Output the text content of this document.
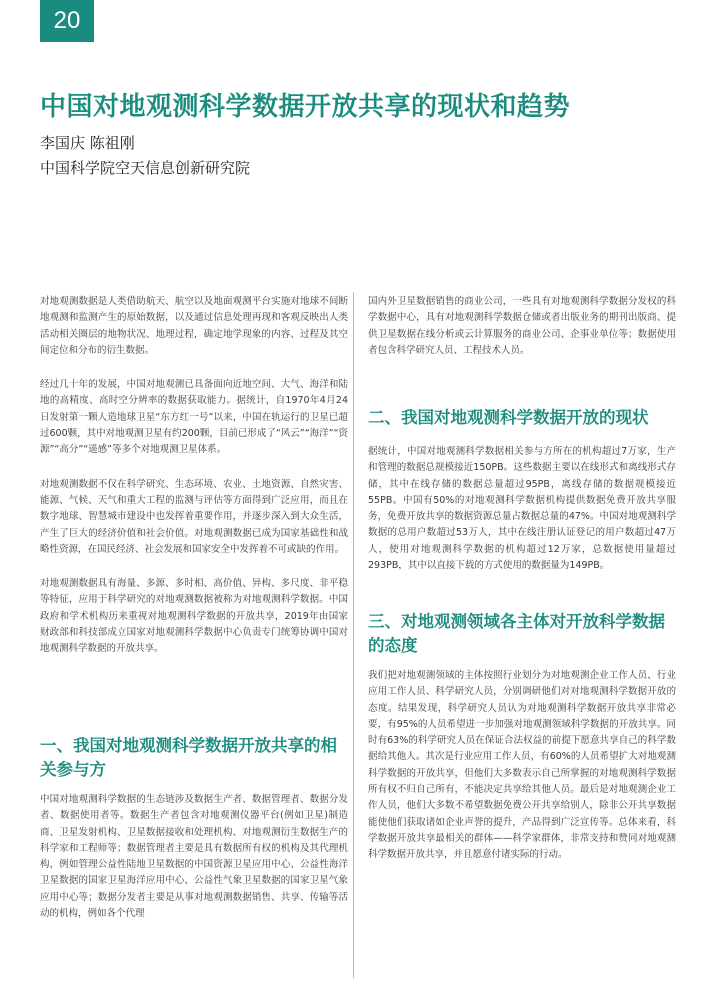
20
中国对地观测科学数据开放共享的现状和趋势
李国庆 陈祖刚
中国科学院空天信息创新研究院

对地观测数据是人类借助航天、航空以及地面观测平台实施对地球不间断地观测和监测产生的原始数据，以及通过信息处理再现和客观反映出人类活动相关圈层的地物状况、地理过程，确定地学现象的内容、过程及其空间定位和分布的衍生数据。

经过几十年的发展，中国对地观测已具备面向近地空间、大气、海洋和陆地的高精度、高时空分辨率的数据获取能力。据统计，自1970年4月24日发射第一颗人造地球卫星“东方红一号”以来，中国在轨运行的卫星已超过600颗，其中对地观测卫星有约200颗，目前已形成了“风云”“海洋”“资源”“高分”“遥感”等多个对地观测卫星体系。

对地观测数据不仅在科学研究、生态环境、农业、土地资源、自然灾害、能源、气候、天气和重大工程的监测与评估等方面得到广泛应用，而且在数字地球、智慧城市建设中也发挥着重要作用，并逐步深入到大众生活，产生了巨大的经济价值和社会价值。对地观测数据已成为国家基础性和战略性资源，在国民经济、社会发展和国家安全中发挥着不可或缺的作用。

对地观测数据具有海量、多源、多时相、高价值、异构、多尺度、非平稳等特征，应用于科学研究的对地观测数据被称为对地观测科学数据。中国政府和学术机构历来重视对地观测科学数据的开放共享，2019年由国家财政部和科技部成立国家对地观测科学数据中心负责专门统筹协调中国对地观测科学数据的开放共享。

一、我国对地观测科学数据开放共享的相关参与方

中国对地观测科学数据的生态链涉及数据生产者、数据管理者、数据分发者、数据使用者等。数据生产者包含对地观测仪器平台(例如卫星)制造商、卫星发射机构、卫星数据接收和处理机构、对地观测衍生数据生产的科学家和工程师等；数据管理者主要是具有数据所有权的机构及其代理机构，例如管理公益性陆地卫星数据的中国资源卫星应用中心、公益性海洋卫星数据的国家卫星海洋应用中心、公益性气象卫星数据的国家卫星气象应用中心等；数据分发者主要是从事对地观测数据销售、共享、传输等活动的机构，例如各个代理

国内外卫星数据销售的商业公司，一些具有对地观测科学数据分发权的科学数据中心，具有对地观测科学数据仓储或者出版业务的期刊出版商、提供卫星数据在线分析或云计算服务的商业公司、企事业单位等；数据使用者包含科学研究人员、工程技术人员。

二、我国对地观测科学数据开放的现状

据统计，中国对地观测科学数据相关参与方所在的机构超过7万家，生产和管理的数据总规模接近150PB。这些数据主要以在线形式和离线形式存储，其中在线存储的数据总量超过95PB，离线存储的数据规模接近55PB。中国有50%的对地观测科学数据机构提供数据免费开放共享服务，免费开放共享的数据资源总量占数据总量的47%。中国对地观测科学数据的总用户数超过53万人，其中在线注册认证登记的用户数超过47万人，使用对地观测科学数据的机构超过12万家，总数据使用量超过293PB，其中以直接下载的方式使用的数据量为149PB。

三、对地观测领域各主体对开放科学数据的态度

我们把对地观测领域的主体按照行业划分为对地观测企业工作人员、行业应用工作人员、科学研究人员，分别调研他们对对地观测科学数据开放的态度。结果发现，科学研究人员认为对地观测科学数据开放共享非常必要，有95%的人员希望进一步加强对地观测领域科学数据的开放共享。同时有63%的科学研究人员在保证合法权益的前提下愿意共享自己的科学数据给其他人。其次是行业应用工作人员，有60%的人员希望扩大对地观测科学数据的开放共享，但他们大多数表示自己所掌握的对地观测科学数据所有权不归自己所有，不能决定共享给其他人员。最后是对地观测企业工作人员，他们大多数不希望数据免费公开共享给别人，除非公开共享数据能使他们获取诸如企业声誉的提升，产品得到广泛宣传等。总体来看，科学数据开放共享最相关的群体——科学家群体，非常支持和赞同对地观测科学数据开放共享，并且愿意付诸实际的行动。
